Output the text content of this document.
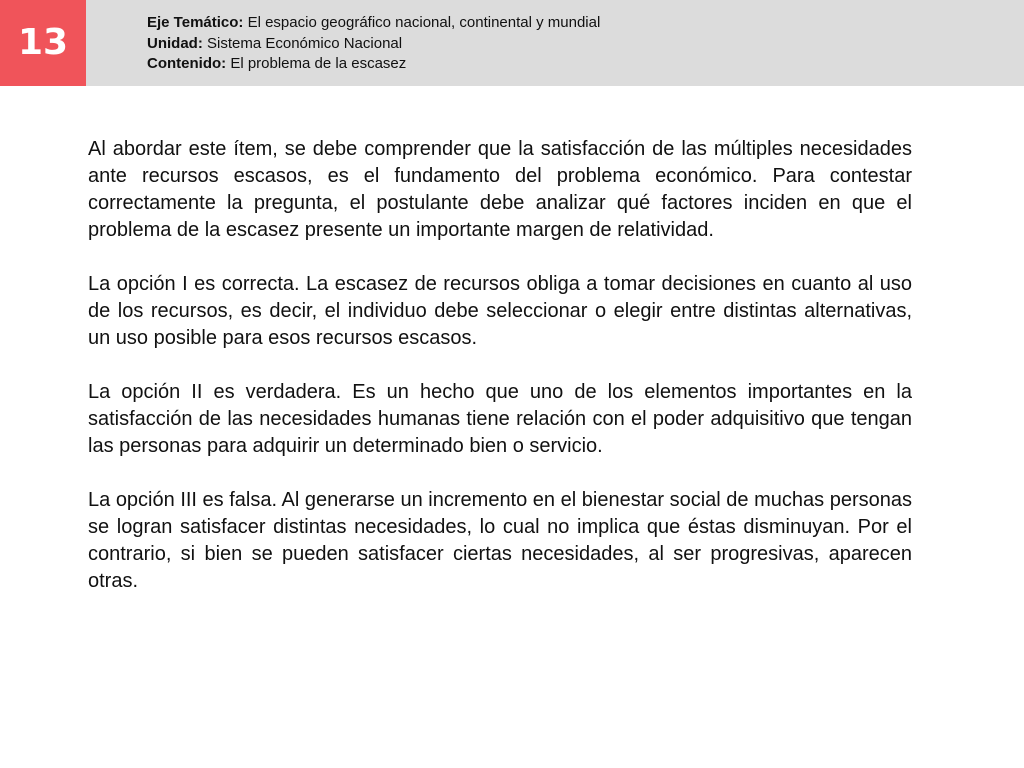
13	Eje Temático: El espacio geográfico nacional, continental y mundial
Unidad: Sistema Económico Nacional
Contenido: El problema de la escasez

Al abordar este ítem, se debe comprender que la satisfacción de las múltiples necesidades ante recursos escasos, es el fundamento del problema económico. Para contestar correctamente la pregunta, el postulante debe analizar qué factores inciden en que el problema de la escasez presente un importante margen de relatividad.

La opción I es correcta. La escasez de recursos obliga a tomar decisiones en cuanto al uso de los recursos, es decir, el individuo debe seleccionar o elegir entre distintas alternativas, un uso posible para esos recursos escasos.

La opción II es verdadera. Es un hecho que uno de los elementos importantes en la satisfacción de las necesidades humanas tiene relación con el poder adquisitivo que tengan las personas para adquirir un determinado bien o servicio.

La opción III es falsa. Al generarse un incremento en el bienestar social de muchas personas se logran satisfacer distintas necesidades, lo cual no implica que éstas disminuyan. Por el contrario, si bien se pueden satisfacer ciertas necesidades, al ser progresivas, aparecen otras.
